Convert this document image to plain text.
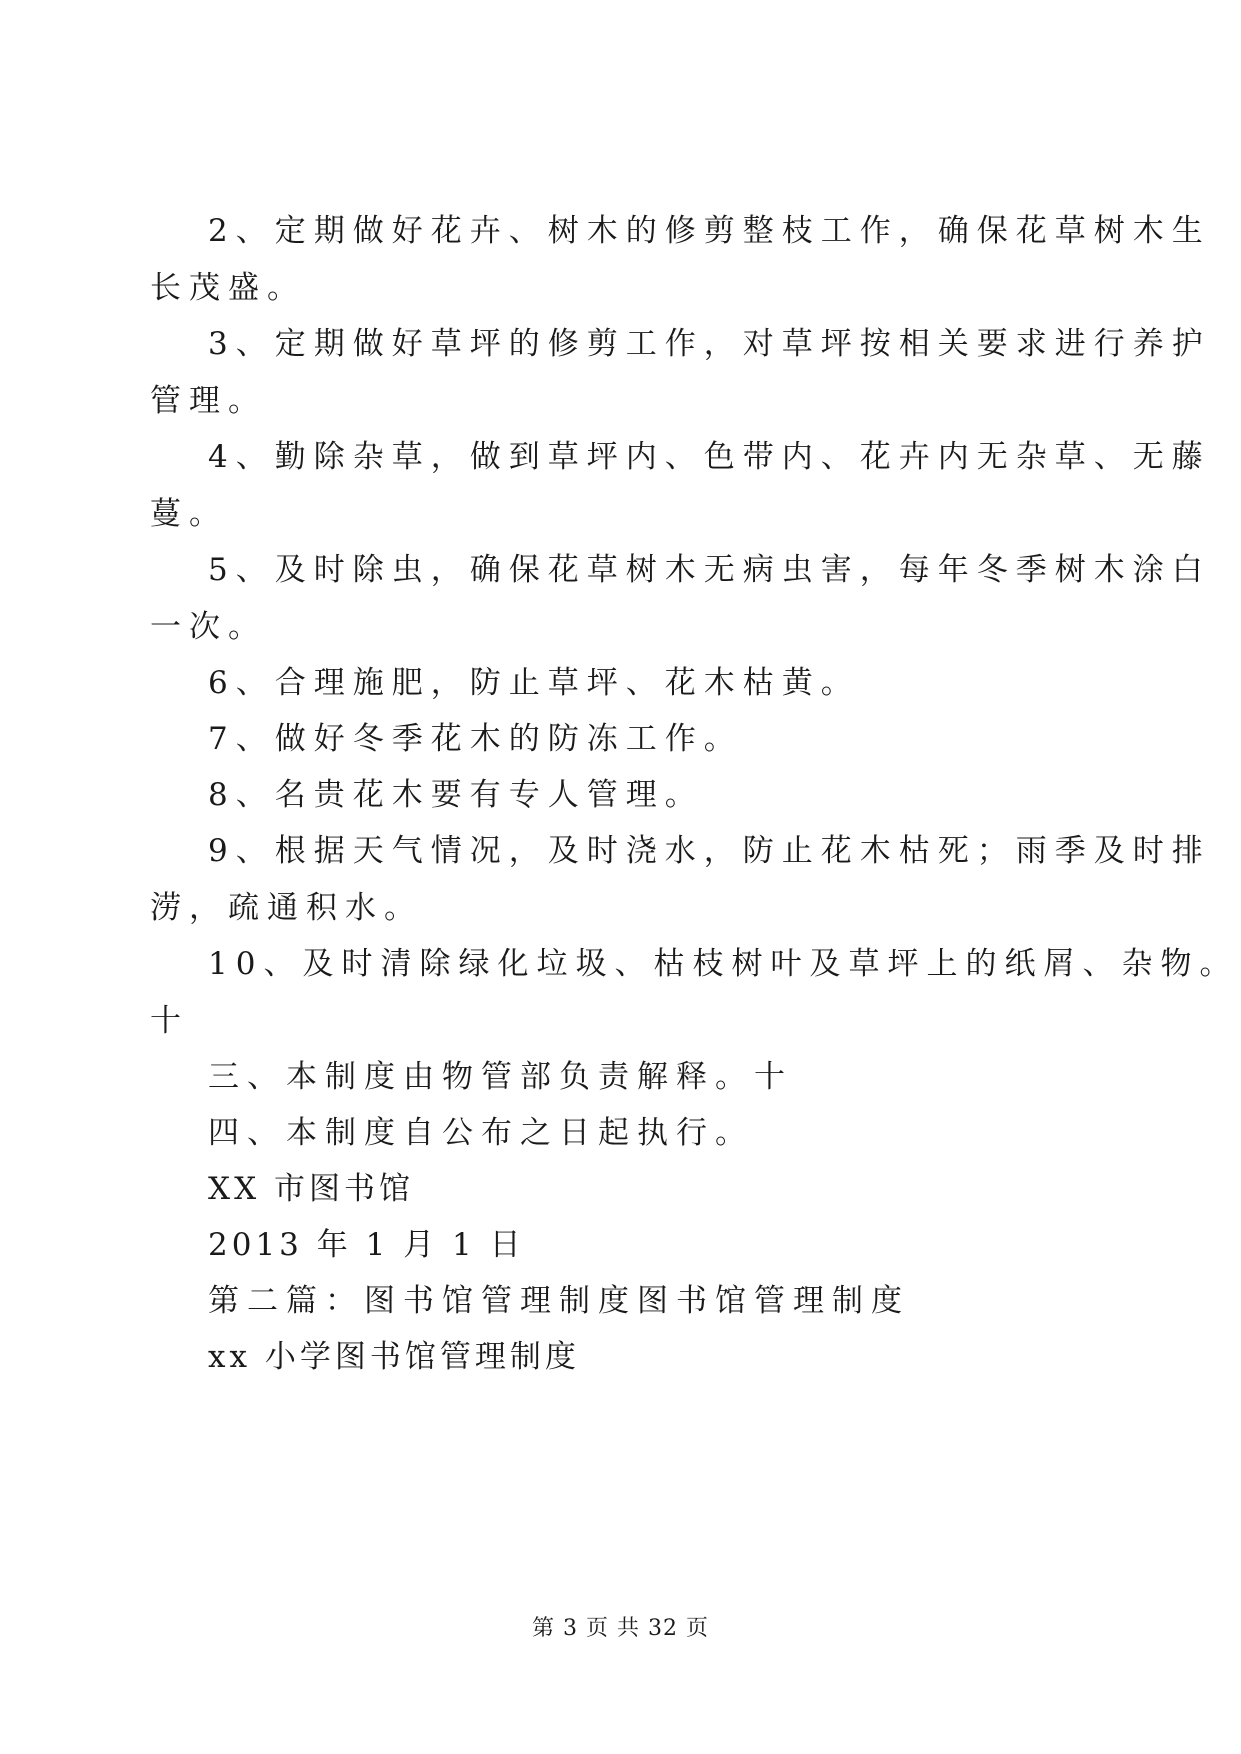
2、定期做好花卉、树木的修剪整枝工作，确保花草树木生
长茂盛。
3、定期做好草坪的修剪工作，对草坪按相关要求进行养护
管理。
4、勤除杂草，做到草坪内、色带内、花卉内无杂草、无藤
蔓。
5、及时除虫，确保花草树木无病虫害，每年冬季树木涂白
一次。
6、合理施肥，防止草坪、花木枯黄。
7、做好冬季花木的防冻工作。
8、名贵花木要有专人管理。
9、根据天气情况，及时浇水，防止花木枯死；雨季及时排
涝，疏通积水。
10、及时清除绿化垃圾、枯枝树叶及草坪上的纸屑、杂物。
十
三、本制度由物管部负责解释。十
四、本制度自公布之日起执行。
XX 市图书馆
2013 年 1 月 1 日
第二篇：图书馆管理制度图书馆管理制度
xx 小学图书馆管理制度
第 3 页 共 32 页
